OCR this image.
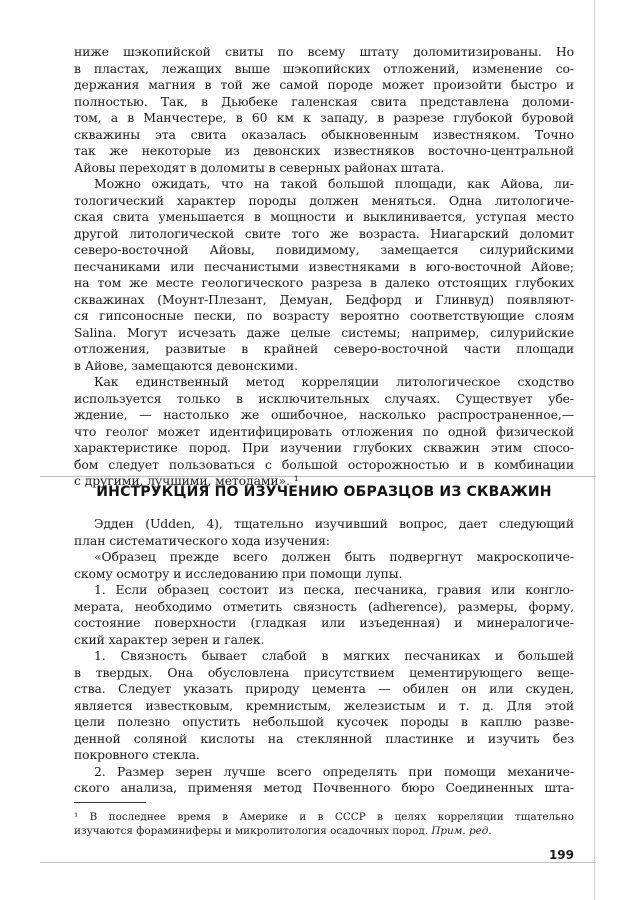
ниже шэкопийской свиты по всему штату доломитизированы. Но
в пластах, лежащих выше шэкопийских отложений, изменение со-
держания магния в той же самой породе может произойти быстро и
полностью. Так, в Дьюбеке галенская свита представлена доломи-
том, а в Манчестере, в 60 км к западу, в разрезе глубокой буровой
скважины эта свита оказалась обыкновенным известняком. Точно
так же некоторые из девонских известняков восточно-центральной
Айовы переходят в доломиты в северных районах штата.
Можно ожидать, что на такой большой площади, как Айова, ли-
тологический характер породы должен меняться. Одна литологиче-
ская свита уменьшается в мощности и выклинивается, уступая место
другой литологической свите того же возраста. Ниагарский доломит
северо-восточной Айовы, повидимому, замещается силурийскими
песчаниками или песчанистыми известняками в юго-восточной Айове;
на том же месте геологического разреза в далеко отстоящих глубоких
скважинах (Моунт-Плезант, Демуан, Бедфорд и Глинвуд) появляют-
ся гипсоносные пески, по возрасту вероятно соответствующие слоям
Salina. Могут исчезать даже целые системы; например, силурийские
отложения, развитые в крайней северо-восточной части площади
в Айове, замещаются девонскими.
Как единственный метод корреляции литологическое сходство
используется только в исключительных случаях. Существует убе-
ждение, — настолько же ошибочное, насколько распространенное,—
что геолог может идентифицировать отложения по одной физической
характеристике пород. При изучении глубоких скважин этим спосо-
бом следует пользоваться с большой осторожностью и в комбинации
с другими, лучшими, методами». ¹
ИНСТРУКЦИЯ ПО ИЗУЧЕНИЮ ОБРАЗЦОВ ИЗ СКВАЖИН
Эдден (Udden, 4), тщательно изучивший вопрос, дает следующий
план систематического хода изучения:
«Образец прежде всего должен быть подвергнут макроскопиче-
скому осмотру и исследованию при помощи лупы.
1. Если образец состоит из песка, песчаника, гравия или конгло-
мерата, необходимо отметить связность (adherence), размеры, форму,
состояние поверхности (гладкая или изъеденная) и минералогиче-
ский характер зерен и галек.
1. Связность бывает слабой в мягких песчаниках и большей
в твердых. Она обусловлена присутствием цементирующего веще-
ства. Следует указать природу цемента — обилен он или скуден,
является известковым, кремнистым, железистым и т. д. Для этой
цели полезно опустить небольшой кусочек породы в каплю разве-
денной соляной кислоты на стеклянной пластинке и изучить без
покровного стекла.
2. Размер зерен лучше всего определять при помощи механиче-
ского анализа, применяя метод Почвенного бюро Соединенных шта-
¹ В последнее время в Америке и в СССР в целях корреляции тщательно
изучаются фораминиферы и микролитология осадочных пород. Прим. ред.
199
